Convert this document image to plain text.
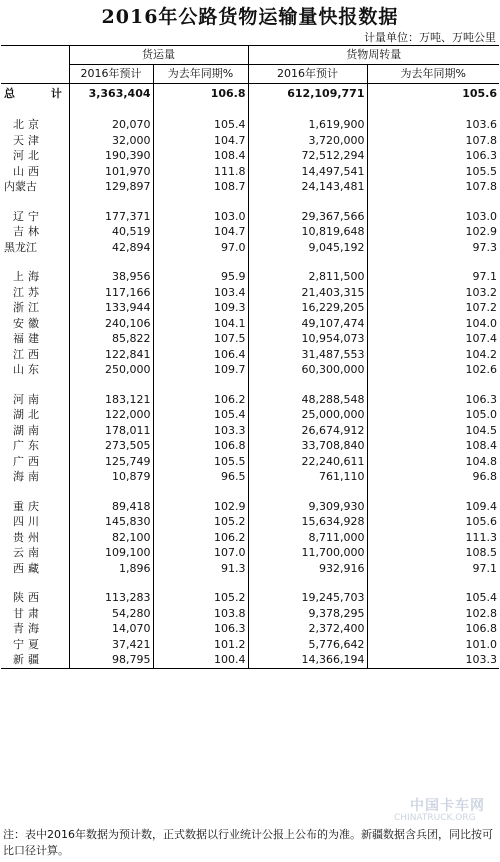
2016年公路货物运输量快报数据
计量单位：万吨、万吨公里
	货运量		货物周转量	
	2016年预计	为去年同期%	2016年预计	为去年同期%
总 计	3,363,404	106.8	612,109,771	105.6

北京	20,070	105.4	1,619,900	103.6
天津	32,000	104.7	3,720,000	107.8
河北	190,390	108.4	72,512,294	106.3
山西	101,970	111.8	14,497,541	105.5
内蒙古	129,897	108.7	24,143,481	107.8

辽宁	177,371	103.0	29,367,566	103.0
吉林	40,519	104.7	10,819,648	102.9
黑龙江	42,894	97.0	9,045,192	97.3

上海	38,956	95.9	2,811,500	97.1
江苏	117,166	103.4	21,403,315	103.2
浙江	133,944	109.3	16,229,205	107.2
安徽	240,106	104.1	49,107,474	104.0
福建	85,822	107.5	10,954,073	107.4
江西	122,841	106.4	31,487,553	104.2
山东	250,000	109.7	60,300,000	102.6

河南	183,121	106.2	48,288,548	106.3
湖北	122,000	105.4	25,000,000	105.0
湖南	178,011	103.3	26,674,912	104.5
广东	273,505	106.8	33,708,840	108.4
广西	125,749	105.5	22,240,611	104.8
海南	10,879	96.5	761,110	96.8

重庆	89,418	102.9	9,309,930	109.4
四川	145,830	105.2	15,634,928	105.6
贵州	82,100	106.2	8,711,000	111.3
云南	109,100	107.0	11,700,000	108.5
西藏	1,896	91.3	932,916	97.1

陕西	113,283	105.2	19,245,703	105.4
甘肃	54,280	103.8	9,378,295	102.8
青海	14,070	106.3	2,372,400	106.8
宁夏	37,421	101.2	5,776,642	101.0
新疆	98,795	100.4	14,366,194	103.3
注：表中2016年数据为预计数，正式数据以行业统计公报上公布的为准。新疆数据含兵团，同比按可比口径计算。
中国卡车网
CHINATRUCK.ORG
